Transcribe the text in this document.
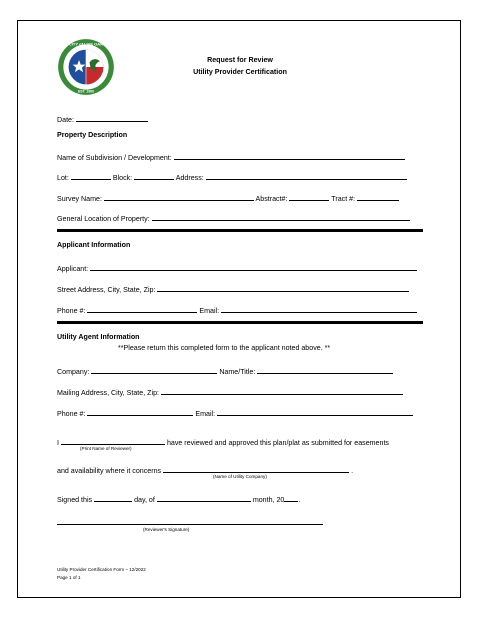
CITY of LIVE OAK
EST. 1960
Request for Review
Utility Provider Certification
Date:
Property Description
Name of Subdivision / Development:
Lot:	Block:	Address:
Survey Name:	Abstract#:	Tract #:
General Location of Property:
Applicant Information
Applicant:
Street Address, City, State, Zip:
Phone #:	Email:
Utility Agent Information
**Please return this completed form to the applicant noted above. **
Company:	Name/Title:
Mailing Address, City, State, Zip:
Phone #:	Email:
I	have reviewed and approved this plan/plat as submitted for easements
(Print Name of Reviewer)
and availability where it concerns	.
(Name of Utility Company)
Signed this	day, of	month, 20 .
(Reviewer's Signature)
Utility Provider Certification Form – 12/2022
Page 1 of 1
